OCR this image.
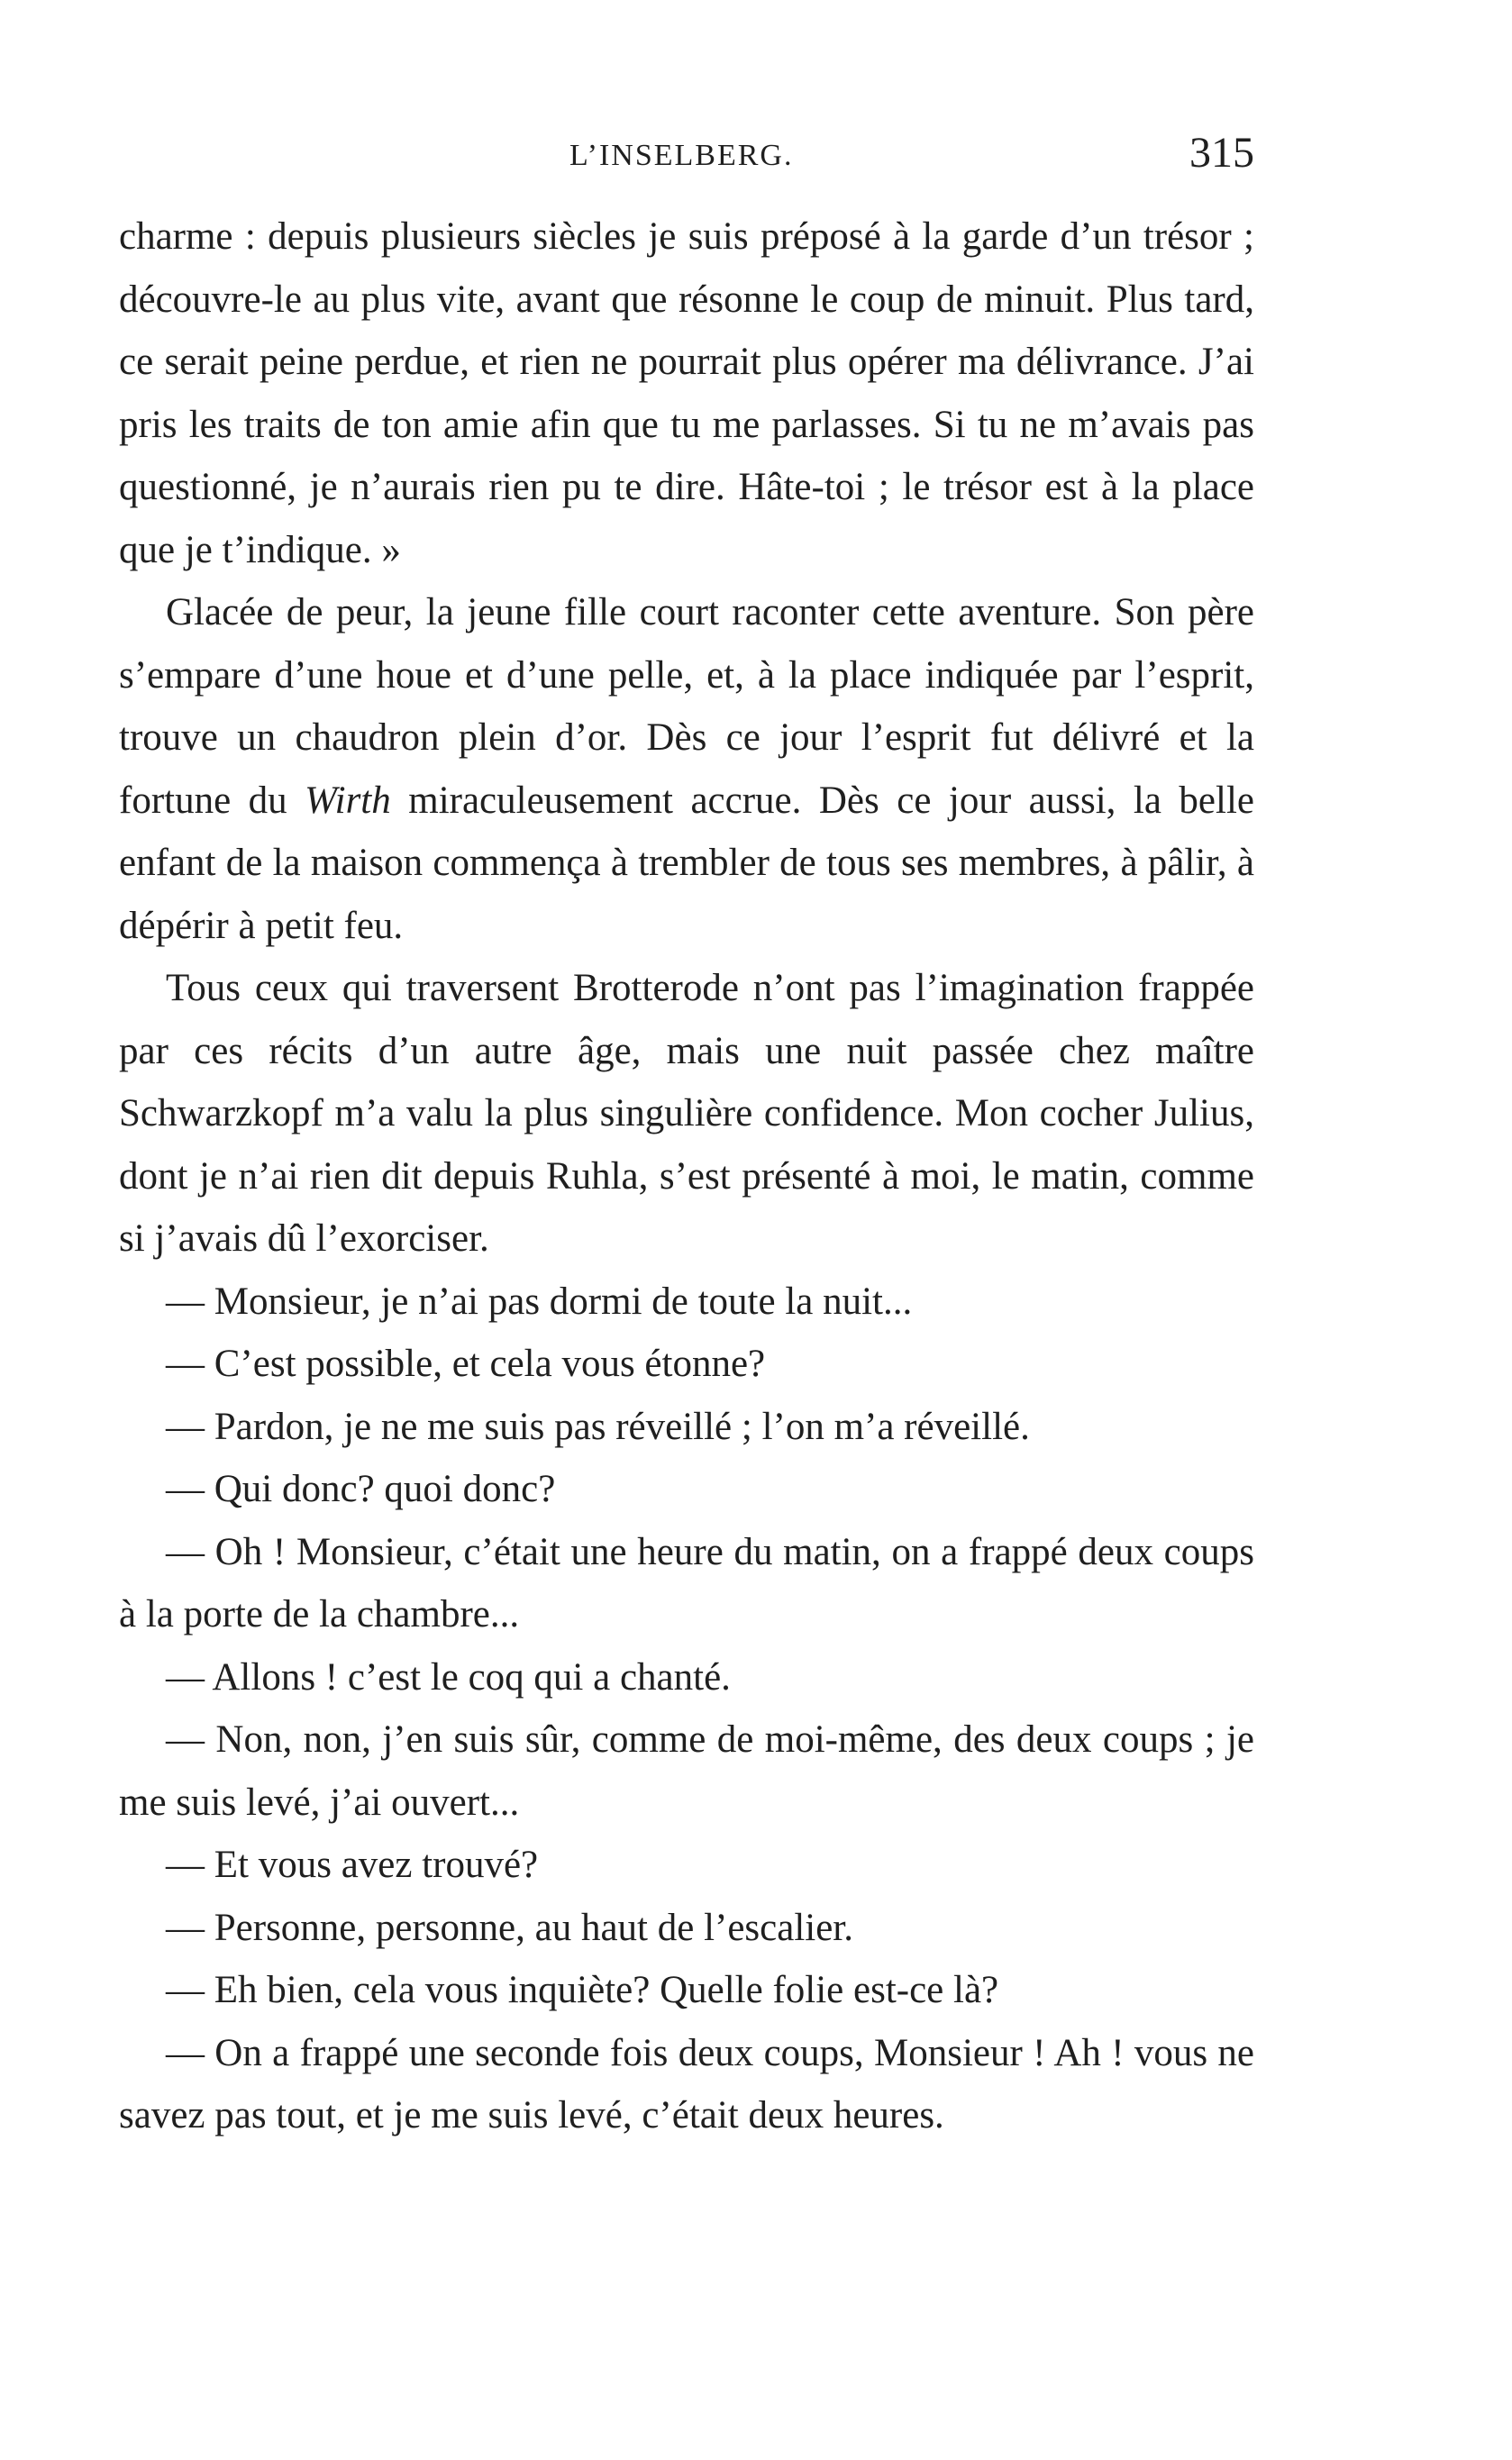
L’INSELBERG.	315

charme : depuis plusieurs siècles je suis préposé à la garde d’un trésor ; découvre-le au plus vite, avant que résonne le coup de minuit. Plus tard, ce serait peine perdue, et rien ne pourrait plus opérer ma délivrance. J’ai pris les traits de ton amie afin que tu me parlasses. Si tu ne m’avais pas questionné, je n’aurais rien pu te dire. Hâte-toi ; le trésor est à la place que je t’indique. »

Glacée de peur, la jeune fille court raconter cette aventure. Son père s’empare d’une houe et d’une pelle, et, à la place indiquée par l’esprit, trouve un chaudron plein d’or. Dès ce jour l’esprit fut délivré et la fortune du Wirth miraculeusement accrue. Dès ce jour aussi, la belle enfant de la maison commença à trembler de tous ses membres, à pâlir, à dépérir à petit feu.

Tous ceux qui traversent Brotterode n’ont pas l’imagination frappée par ces récits d’un autre âge, mais une nuit passée chez maître Schwarzkopf m’a valu la plus singulière confidence. Mon cocher Julius, dont je n’ai rien dit depuis Ruhla, s’est présenté à moi, le matin, comme si j’avais dû l’exorciser.

— Monsieur, je n’ai pas dormi de toute la nuit...

— C’est possible, et cela vous étonne?

— Pardon, je ne me suis pas réveillé ; l’on m’a réveillé.

— Qui donc? quoi donc?

— Oh ! Monsieur, c’était une heure du matin, on a frappé deux coups à la porte de la chambre...

— Allons ! c’est le coq qui a chanté.

— Non, non, j’en suis sûr, comme de moi-même, des deux coups ; je me suis levé, j’ai ouvert...

— Et vous avez trouvé?

— Personne, personne, au haut de l’escalier.

— Eh bien, cela vous inquiète? Quelle folie est-ce là?

— On a frappé une seconde fois deux coups, Monsieur ! Ah ! vous ne savez pas tout, et je me suis levé, c’était deux heures.
